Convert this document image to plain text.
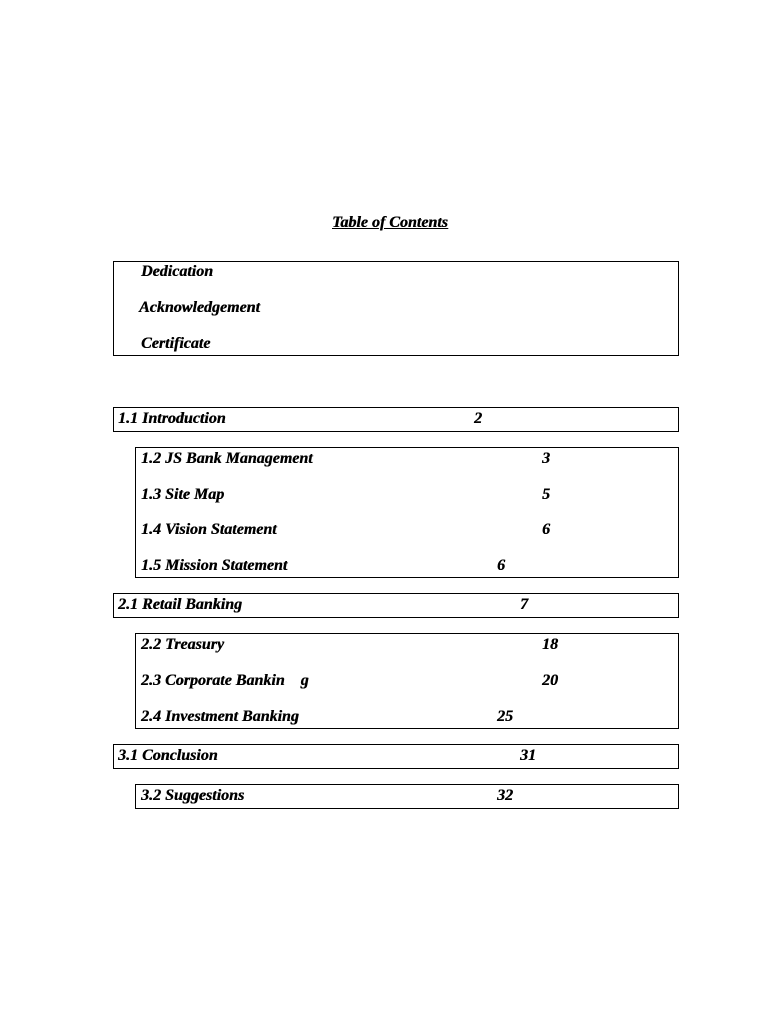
Table of Contents
Dedication
Acknowledgement
Certificate
1.1 Introduction	2
1.2 JS Bank Management	3
1.3 Site Map	5
1.4 Vision Statement	6
1.5 Mission Statement	6
2.1 Retail Banking	7
2.2 Treasury	18
2.3 Corporate Bankin    g	20
2.4 Investment Banking	25
3.1 Conclusion	31
3.2 Suggestions	32
